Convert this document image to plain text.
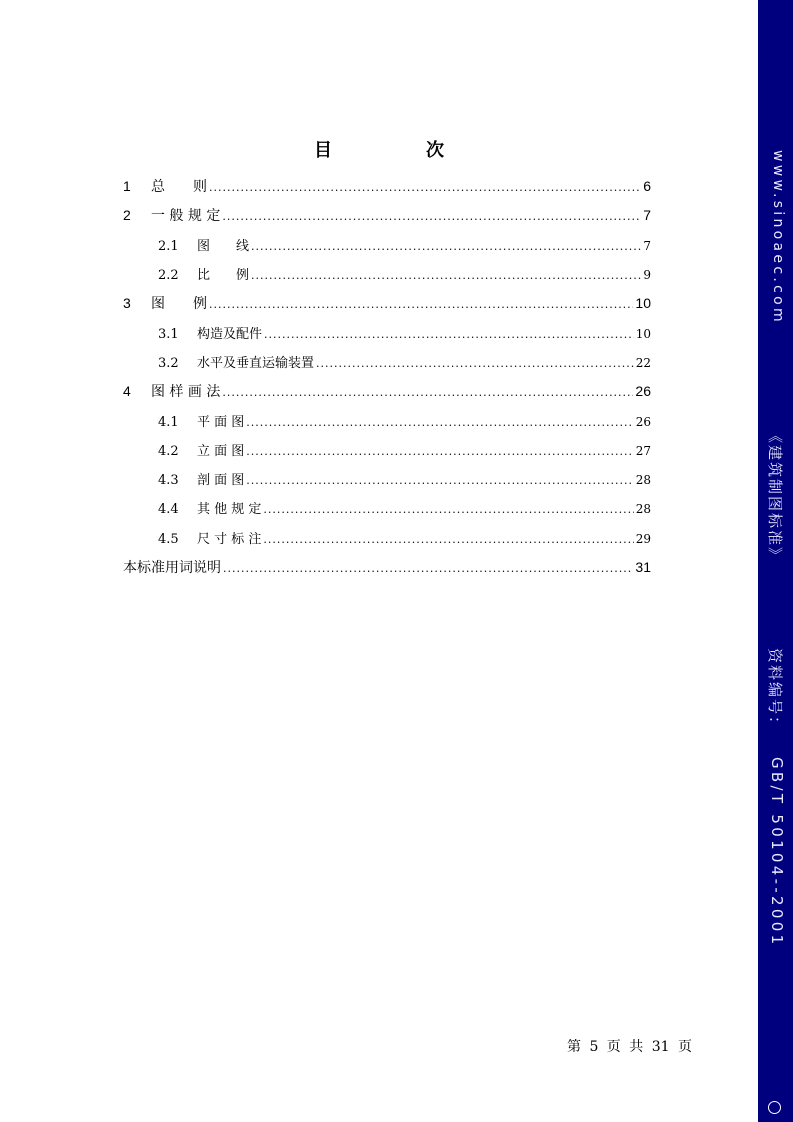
目　次
1	总　　则 .....	6
2	一 般 规 定 .....	7
2.1	图　　线 .....	7
2.2	比　　例 .....	9
3	图　　例 .....	10
3.1	构造及配件 .....	10
3.2	水平及垂直运输装置 .....	22
4	图 样 画 法 .....	26
4.1	平 面 图 .....	26
4.2	立 面 图 .....	27
4.3	剖 面 图 .....	28
4.4	其 他 规 定 .....	28
4.5	尺 寸 标 注 .....	29
本标准用词说明 .....	31
第 5 页 共 31 页
www.sinoaec.com
《建筑制图标准》
资料编号：
GB/T 50104--2001
